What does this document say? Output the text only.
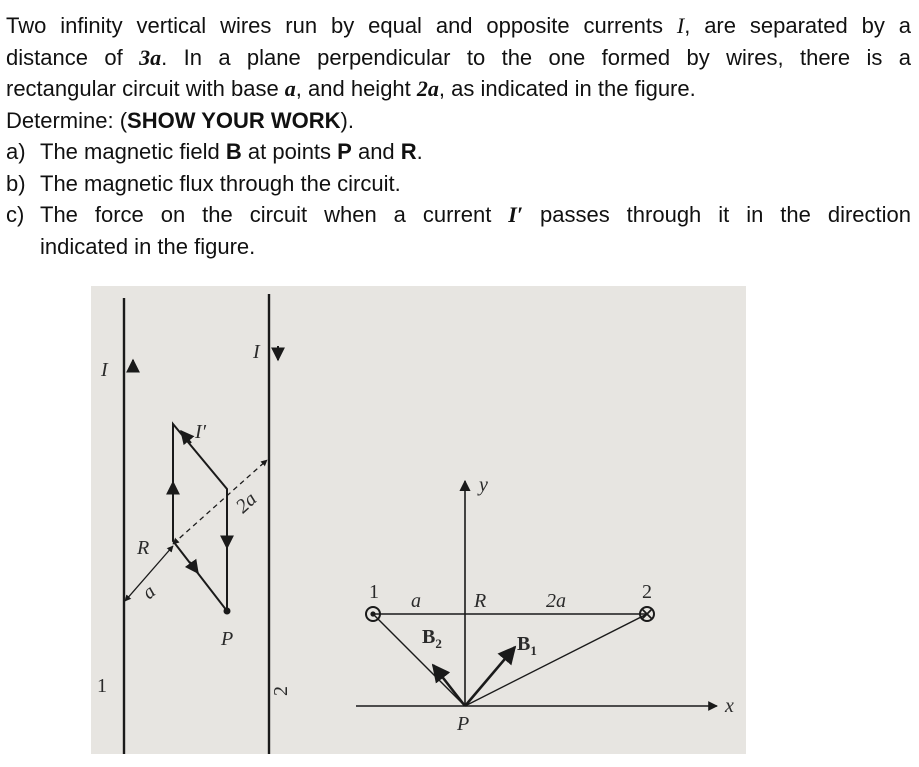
Two infinity vertical wires run by equal and opposite currents I, are separated by a
distance of 3a. In a plane perpendicular to the one formed by wires, there is a
rectangular circuit with base a, and height 2a, as indicated in the figure.
Determine: (SHOW YOUR WORK).
a) The magnetic field B at points P and R.
b) The magnetic flux through the circuit.
c) The force on the circuit when a current I′ passes through it in the direction
indicated in the figure.
I
I
I′
2a
R
a
P
1	2
y
x
1	2
a	R	2a
$B_2$	$B_1$
P
